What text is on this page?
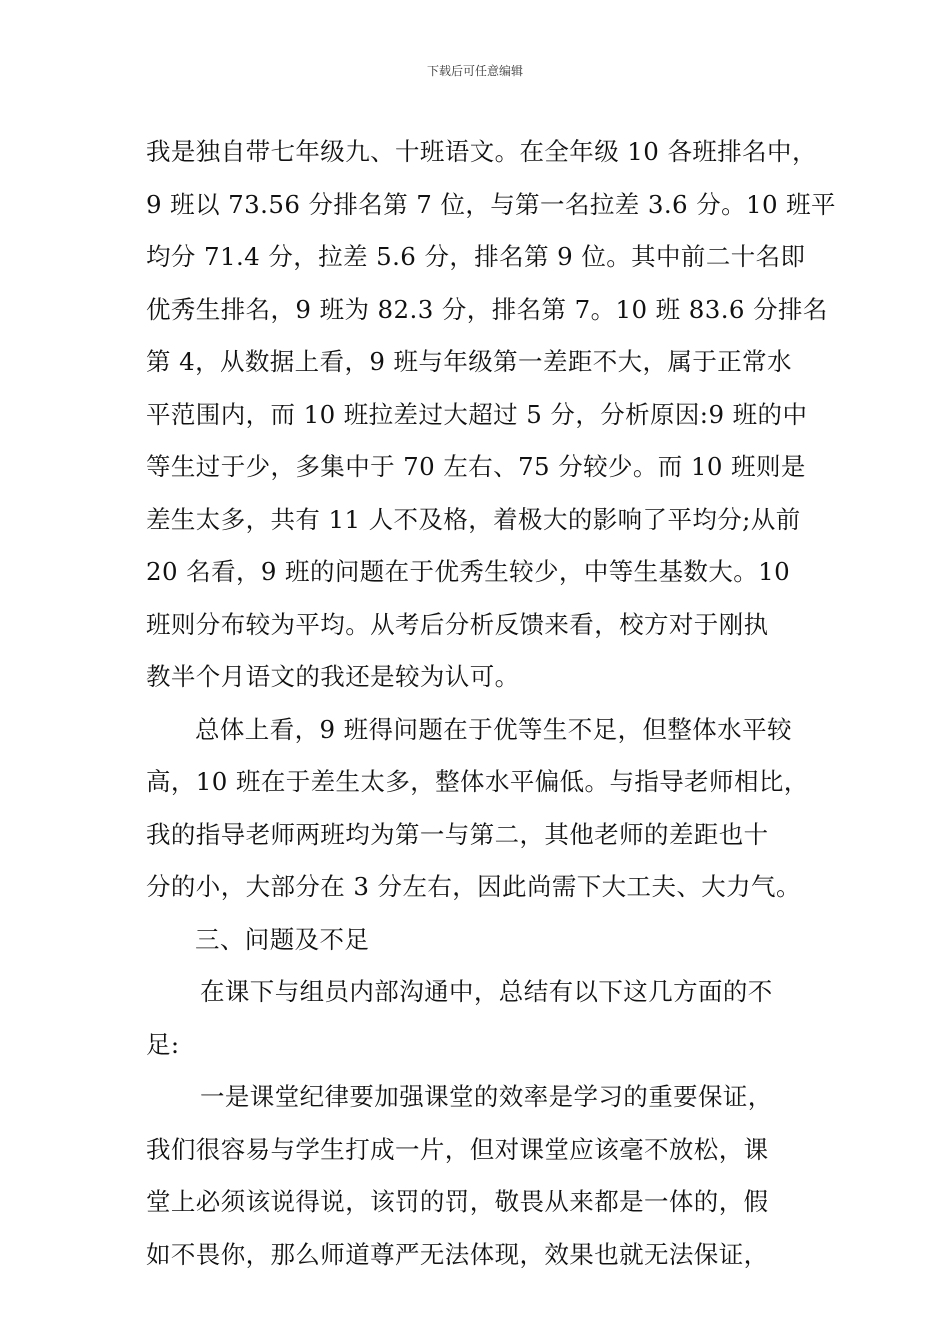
下载后可任意编辑
我是独自带七年级九、十班语文。在全年级 10 各班排名中，
9 班以 73.56 分排名第 7 位，与第一名拉差 3.6 分。10 班平
均分 71.4 分，拉差 5.6 分，排名第 9 位。其中前二十名即
优秀生排名，9 班为 82.3 分，排名第 7。10 班 83.6 分排名
第 4，从数据上看，9 班与年级第一差距不大，属于正常水
平范围内，而 10 班拉差过大超过 5 分，分析原因:9 班的中
等生过于少，多集中于 70 左右、75 分较少。而 10 班则是
差生太多，共有 11 人不及格，着极大的影响了平均分;从前
20 名看，9 班的问题在于优秀生较少，中等生基数大。10
班则分布较为平均。从考后分析反馈来看，校方对于刚执
教半个月语文的我还是较为认可。
总体上看，9 班得问题在于优等生不足，但整体水平较
高，10 班在于差生太多，整体水平偏低。与指导老师相比，
我的指导老师两班均为第一与第二，其他老师的差距也十
分的小，大部分在 3 分左右，因此尚需下大工夫、大力气。
三、问题及不足
在课下与组员内部沟通中，总结有以下这几方面的不
足:
一是课堂纪律要加强课堂的效率是学习的重要保证，
我们很容易与学生打成一片，但对课堂应该毫不放松，课
堂上必须该说得说，该罚的罚，敬畏从来都是一体的，假
如不畏你，那么师道尊严无法体现，效果也就无法保证，
